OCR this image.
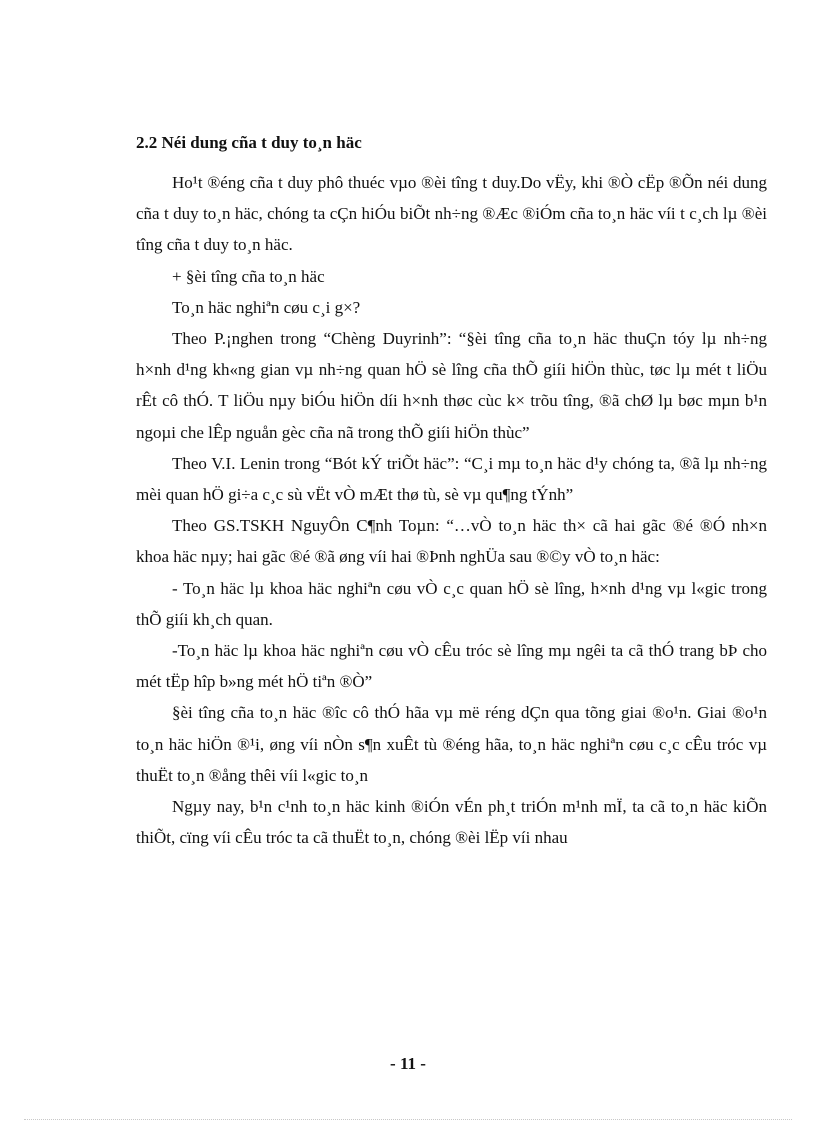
2.2 Néi dung cña t duy to¸n häc

Ho¹t ®éng cña t duy phô thuéc vµo ®èi tîng t duy.Do vËy, khi ®Ò cËp ®Õn néi dung cña t duy to¸n häc, chóng ta cÇn hiÓu biÕt nh÷ng ®Æc ®iÓm cña to¸n häc víi t c¸ch lµ ®èi tîng cña t duy to¸n häc.

+ §èi tîng cña to¸n häc

To¸n häc nghiªn cøu c¸i g×?

Theo P.¡nghen trong “Chèng Duyrinh”: “§èi tîng cña to¸n häc thuÇn tóy lµ nh÷ng h×nh d¹ng kh«ng gian vµ nh÷ng quan hÖ sè lîng cña thÕ giíi hiÖn thùc, tøc lµ mét t liÖu rÊt cô thÓ. T liÖu nµy biÓu hiÖn díi h×nh thøc cùc k× trõu tîng, ®ã chØ lµ bøc mµn b¹n ngoµi che lÊp nguån gèc cña nã trong thÕ giíi hiÖn thùc”

Theo V.I. Lenin trong “Bót kÝ triÕt häc”: “C¸i mµ to¸n häc d¹y chóng ta, ®ã lµ nh÷ng mèi quan hÖ gi÷a c¸c sù vËt vÒ mÆt thø tù, sè vµ qu¶ng tÝnh”

Theo GS.TSKH NguyÔn C¶nh Toµn: “…vÒ to¸n häc th× cã hai gãc ®é ®Ó nh×n khoa häc nµy; hai gãc ®é ®ã øng víi hai ®Þnh nghÜa sau ®©y vÒ to¸n häc:

- To¸n häc lµ khoa häc nghiªn cøu vÒ c¸c quan hÖ sè lîng, h×nh d¹ng vµ l«gic trong thÕ giíi kh¸ch quan.

-To¸n häc lµ khoa häc nghiªn cøu vÒ cÊu tróc sè lîng mµ ngêi ta cã thÓ trang bÞ cho mét tËp hîp b»ng mét hÖ tiªn ®Ò”

§èi tîng cña to¸n häc ®îc cô thÓ hãa vµ më réng dÇn qua tõng giai ®o¹n. Giai ®o¹n to¸n häc hiÖn ®¹i, øng víi nÒn s¶n xuÊt tù ®éng hãa, to¸n häc nghiªn cøu c¸c cÊu tróc vµ thuËt to¸n ®ång thêi víi l«gic to¸n

Ngµy nay, b¹n c¹nh to¸n häc kinh ®iÓn vÉn ph¸t triÓn m¹nh mÏ, ta cã to¸n häc kiÕn thiÕt, cïng víi cÊu tróc ta cã thuËt to¸n, chóng ®èi lËp víi nhau

- 11 -
